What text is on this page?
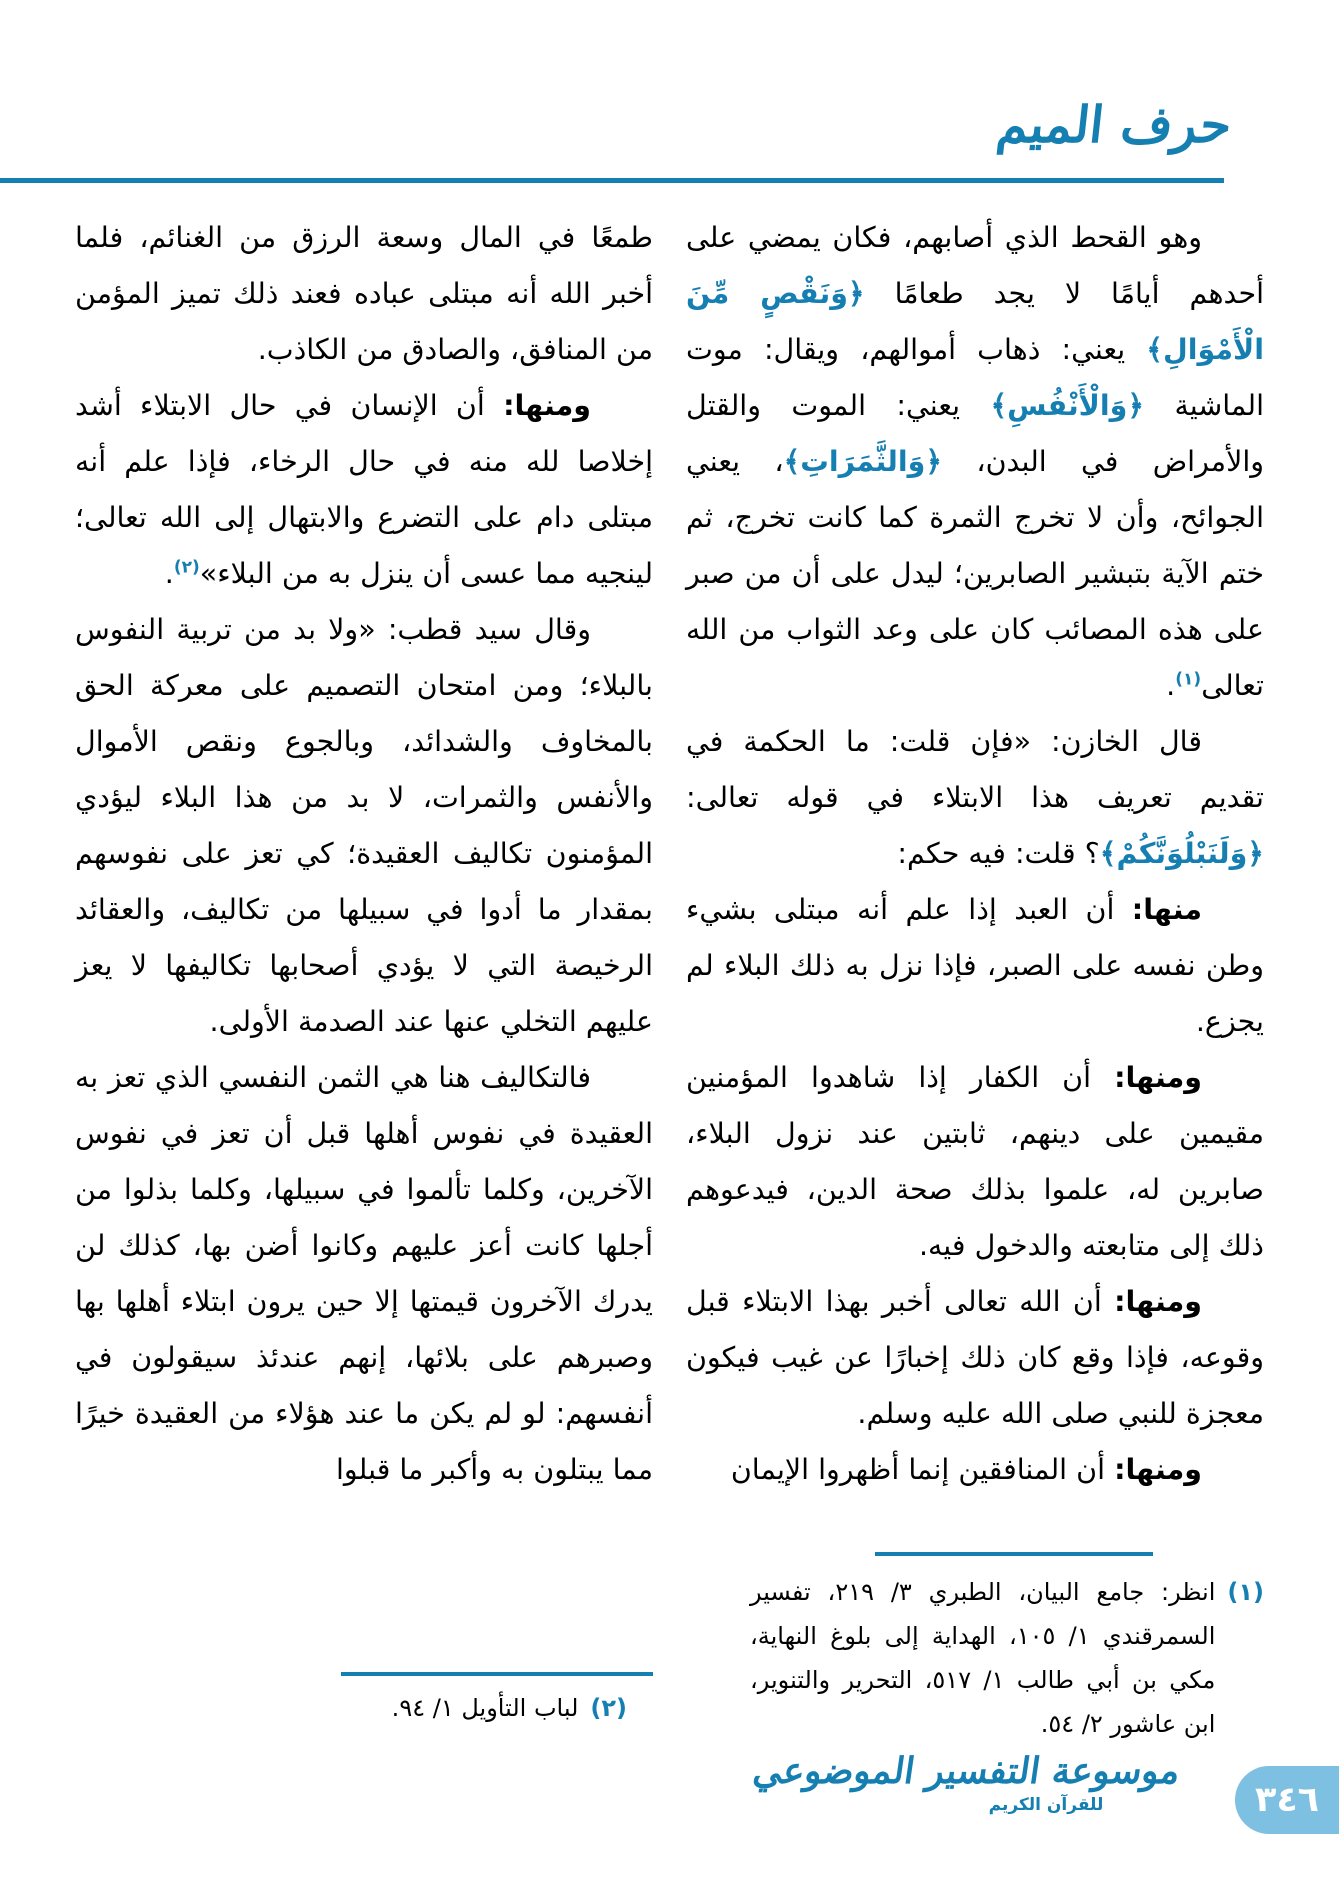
حرف الميم

وهو القحط الذي أصابهم، فكان يمضي على أحدهم أيامًا لا يجد طعامًا ﴿وَنَقْصٍ مِّنَ الْأَمْوَالِ﴾ يعني: ذهاب أموالهم، ويقال: موت الماشية ﴿وَالْأَنْفُسِ﴾ يعني: الموت والقتل والأمراض في البدن، ﴿وَالثَّمَرَاتِ﴾، يعني الجوائح، وأن لا تخرج الثمرة كما كانت تخرج، ثم ختم الآية بتبشير الصابرين؛ ليدل على أن من صبر على هذه المصائب كان على وعد الثواب من الله تعالى$^{(١)}$.

قال الخازن: «فإن قلت: ما الحكمة في تقديم تعريف هذا الابتلاء في قوله تعالى: ﴿وَلَنَبْلُوَنَّكُمْ﴾؟ قلت: فيه حكم:

منها: أن العبد إذا علم أنه مبتلى بشيء وطن نفسه على الصبر، فإذا نزل به ذلك البلاء لم يجزع.

ومنها: أن الكفار إذا شاهدوا المؤمنين مقيمين على دينهم، ثابتين عند نزول البلاء، صابرين له، علموا بذلك صحة الدين، فيدعوهم ذلك إلى متابعته والدخول فيه.

ومنها: أن الله تعالى أخبر بهذا الابتلاء قبل وقوعه، فإذا وقع كان ذلك إخبارًا عن غيب فيكون معجزة للنبي صلى الله عليه وسلم.

ومنها: أن المنافقين إنما أظهروا الإيمان

طمعًا في المال وسعة الرزق من الغنائم، فلما أخبر الله أنه مبتلى عباده فعند ذلك تميز المؤمن من المنافق، والصادق من الكاذب.

ومنها: أن الإنسان في حال الابتلاء أشد إخلاصا لله منه في حال الرخاء، فإذا علم أنه مبتلى دام على التضرع والابتهال إلى الله تعالى؛ لينجيه مما عسى أن ينزل به من البلاء»$^{(٢)}$.

وقال سيد قطب: «ولا بد من تربية النفوس بالبلاء؛ ومن امتحان التصميم على معركة الحق بالمخاوف والشدائد، وبالجوع ونقص الأموال والأنفس والثمرات، لا بد من هذا البلاء ليؤدي المؤمنون تكاليف العقيدة؛ كي تعز على نفوسهم بمقدار ما أدوا في سبيلها من تكاليف، والعقائد الرخيصة التي لا يؤدي أصحابها تكاليفها لا يعز عليهم التخلي عنها عند الصدمة الأولى.

فالتكاليف هنا هي الثمن النفسي الذي تعز به العقيدة في نفوس أهلها قبل أن تعز في نفوس الآخرين، وكلما تألموا في سبيلها، وكلما بذلوا من أجلها كانت أعز عليهم وكانوا أضن بها، كذلك لن يدرك الآخرون قيمتها إلا حين يرون ابتلاء أهلها بها وصبرهم على بلائها، إنهم عندئذ سيقولون في أنفسهم: لو لم يكن ما عند هؤلاء من العقيدة خيرًا مما يبتلون به وأكبر ما قبلوا

(١)
انظر: جامع البيان، الطبري ٣/ ٢١٩، تفسير السمرقندي ١/ ١٠٥، الهداية إلى بلوغ النهاية، مكي بن أبي طالب ١/ ٥١٧، التحرير والتنوير، ابن عاشور ٢/ ٥٤.
(٢)
لباب التأويل ١/ ٩٤.
موسوعة التفسير الموضوعي
للقرآن الكريم	٣٤٦
